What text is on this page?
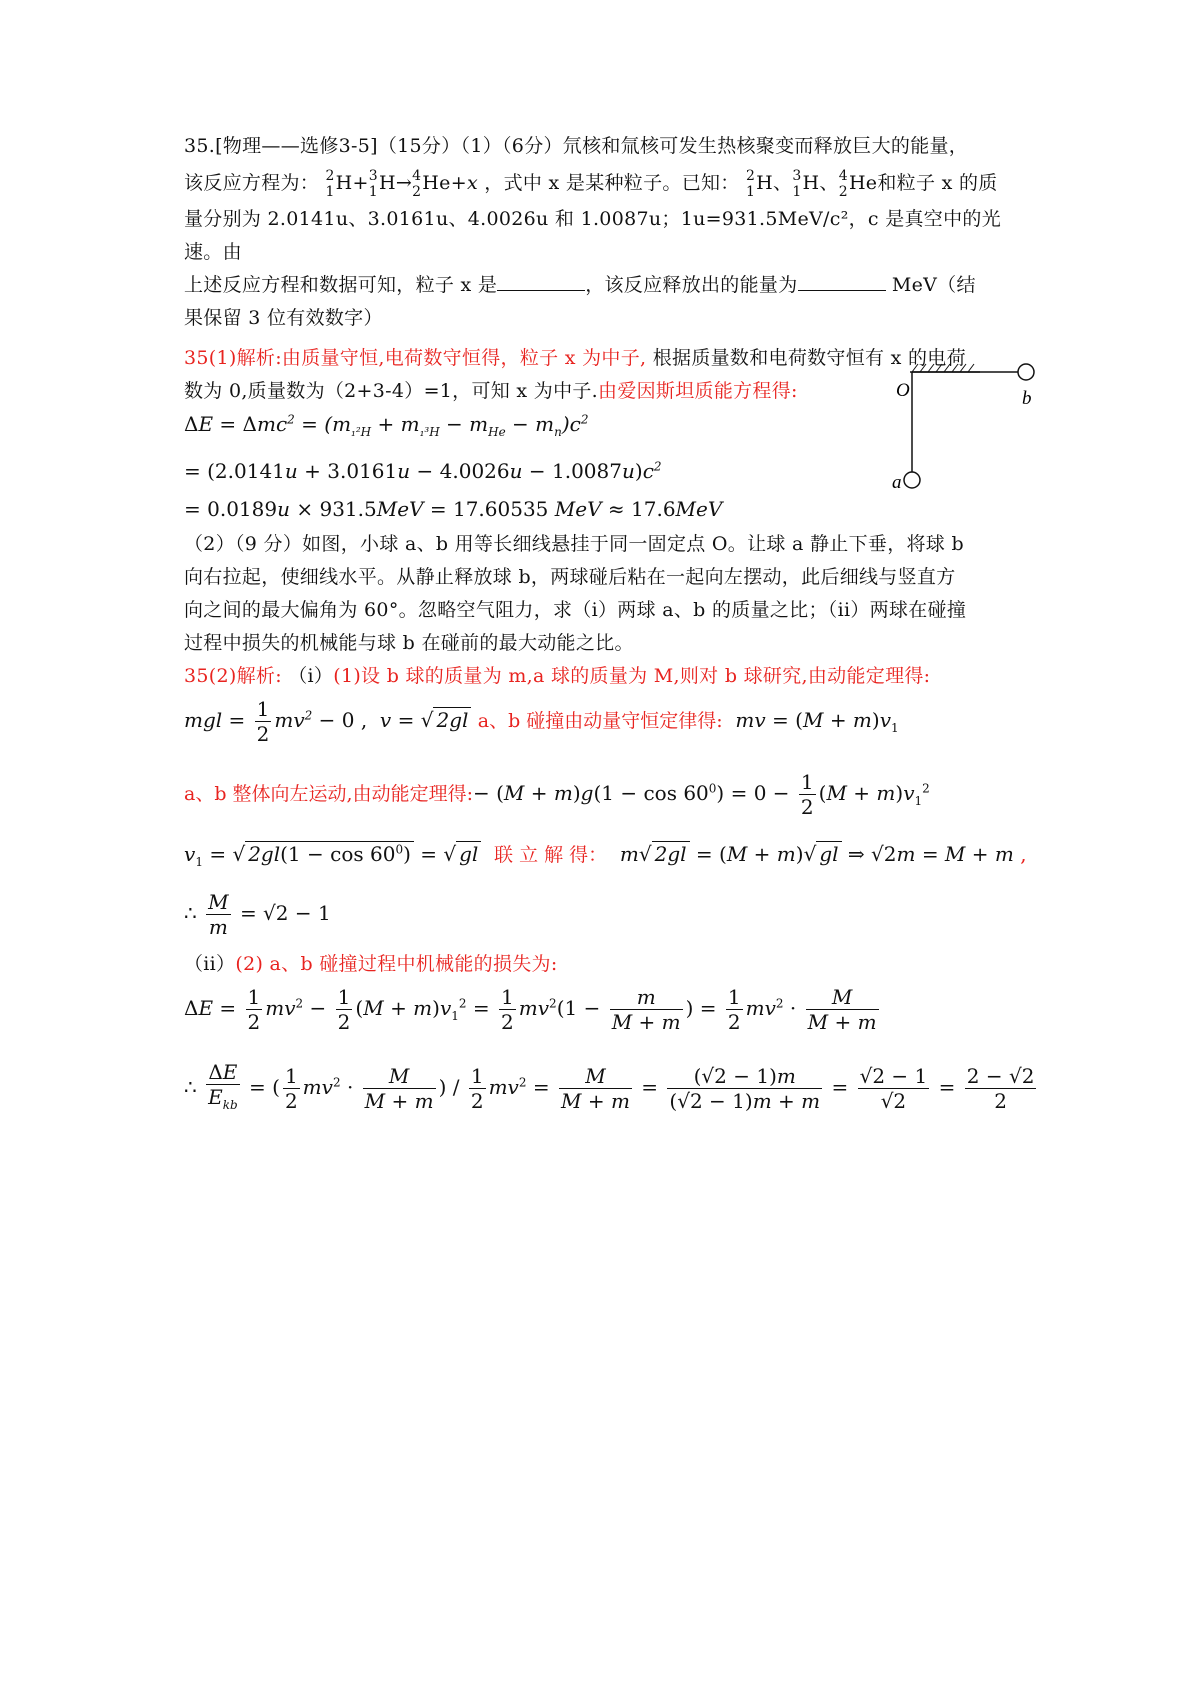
35.[物理——选修3-5]（15分）（1）（6分）氘核和氚核可发生热核聚变而释放巨大的能量，
该反应方程为： 2
1 H+ 3
1 H→ 4
2 He+x ，式中 x 是某种粒子。已知： 2
1 H、 3
1 H、 4
2 He和粒子 x 的质
量分别为 2.0141u、3.0161u、4.0026u 和 1.0087u；1u=931.5MeV/c²，c 是真空中的光速。由
上述反应方程和数据可知，粒子 x 是	，该反应释放出的能量为	MeV（结
果保留 3 位有效数字）
35(1)解析:由质量守恒,电荷数守恒得，粒子 x 为中子, 根据质量数和电荷数守恒有 x 的电荷
数为 0,质量数为（2+3-4）=1，可知 x 为中子.由爱因斯坦质能方程得:
$\Delta E = \Delta mc^2 = (m_{_1^2H} + m_{_1^3H} - m_{He} - m_n)c^2$
= $(2.0141u + 3.0161u - 4.0026u - 1.0087u)c^2$
= 0.0189u × 931.5MeV = 17.60535 MeV ≈ 17.6MeV
O
a
b
（2）（9 分）如图，小球 a、b 用等长细线悬挂于同一固定点 O。让球 a 静止下垂，将球 b
向右拉起，使细线水平。从静止释放球 b，两球碰后粘在一起向左摆动，此后细线与竖直方
向之间的最大偏角为 60°。忽略空气阻力，求（i）两球 a、b 的质量之比；（ii）两球在碰撞
过程中损失的机械能与球 b 在碰前的最大动能之比。
35(2)解析: （i）(1)设 b 球的质量为 m,a 球的质量为 M,则对 b 球研究,由动能定理得:
mgl = $\frac{1}{2} mv^2 - 0$ ,  v = √ 2gl a、b 碰撞由动量守恒定律得:  mv = $(M + m)v_1$
a、b 整体向左运动,由动能定理得:− $(M + m)g(1 - \cos 60^0) = 0 - \frac{1}{2} (M + m)v_1^2$
$v_1$ = √ $2gl(1 - \cos 60^0)$ = √ gl 联 立 解 得：  m√ 2gl = (M + m)√ gl ⇒ √2m = M + m ,
∴ $\frac{M}{m} = √2 - 1$
（ii）(2) a、b 碰撞过程中机械能的损失为:
$\Delta E = \frac{1}{2} mv^2 - \frac{1}{2} (M + m)v_1^2 = \frac{1}{2} mv^2(1 - \frac{m}{M + m}$ ) = $\frac{1}{2} mv^2 \cdot \frac{M}{M + m}$
∴ $\frac{\Delta E}{E_{kb}}$ = ( $\frac{1}{2} mv^2 \cdot \frac{M}{M + m}$ ) / $\frac{1}{2} mv^2 = \frac{M}{M + m} = \frac{(√2 - 1)m}{(√2 - 1)m + m} = \frac{√2 - 1}{√2} = \frac{2 - √2}{2}$
